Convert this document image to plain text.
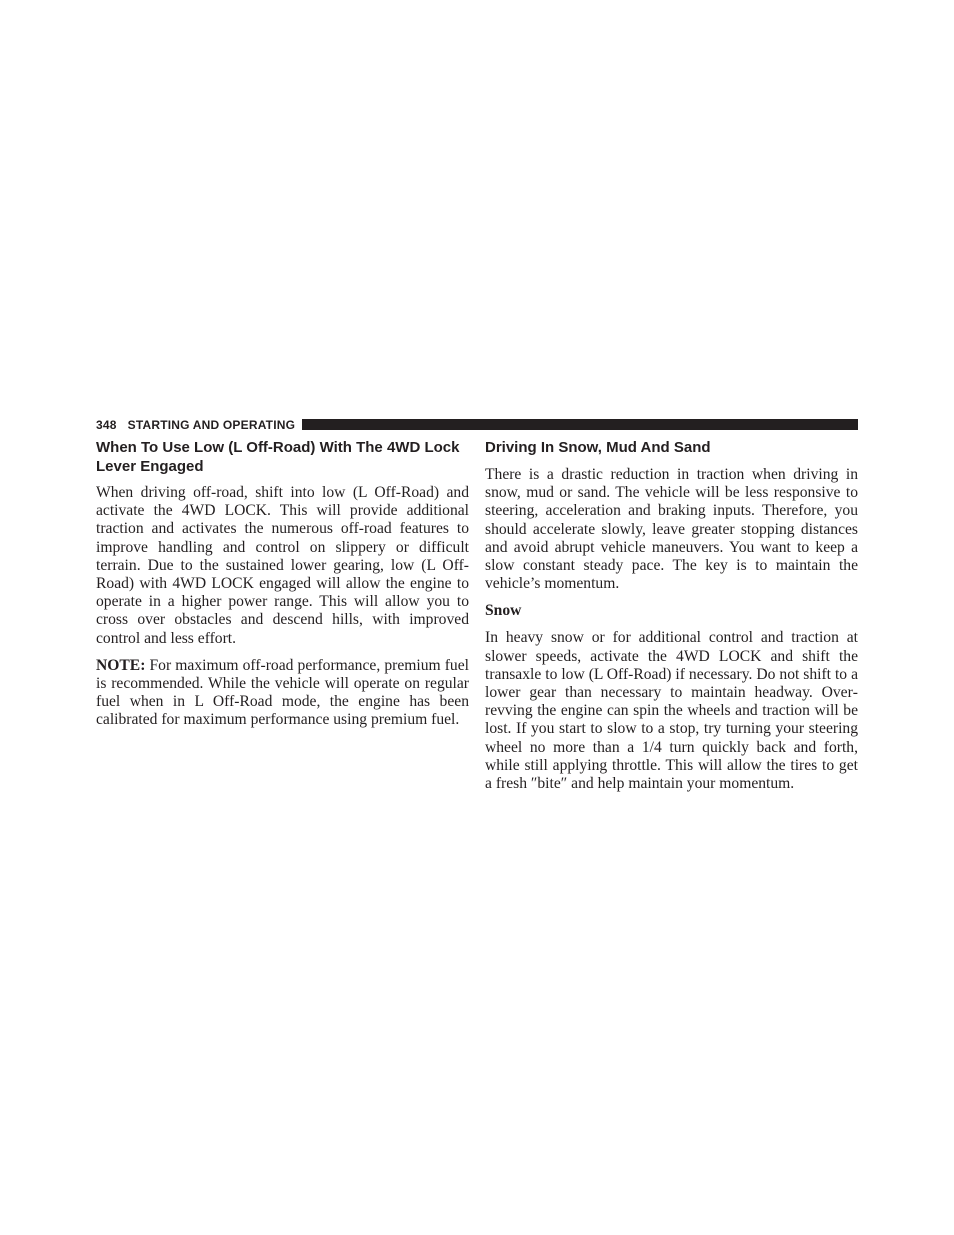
348 STARTING AND OPERATING
When To Use Low (L Off-Road) With The 4WD Lock Lever Engaged

When driving off-road, shift into low (L Off-Road) and activate the 4WD LOCK. This will provide additional traction and activates the numerous off-road features to improve handling and control on slippery or difficult terrain. Due to the sustained lower gearing, low (L Off-Road) with 4WD LOCK engaged will allow the engine to operate in a higher power range. This will allow you to cross over obstacles and descend hills, with improved control and less effort.

NOTE: For maximum off-road performance, premium fuel is recommended. While the vehicle will operate on regular fuel when in L Off-Road mode, the engine has been calibrated for maximum performance using premium fuel.

Driving In Snow, Mud And Sand

There is a drastic reduction in traction when driving in snow, mud or sand. The vehicle will be less responsive to steering, acceleration and braking inputs. Therefore, you should accelerate slowly, leave greater stopping distances and avoid abrupt vehicle maneuvers. You want to keep a slow constant steady pace. The key is to maintain the vehicle’s momentum.

Snow

In heavy snow or for additional control and traction at slower speeds, activate the 4WD LOCK and shift the transaxle to low (L Off-Road) if necessary. Do not shift to a lower gear than necessary to maintain headway. Overrevving the engine can spin the wheels and traction will be lost. If you start to slow to a stop, try turning your steering wheel no more than a 1/4 turn quickly back and forth, while still applying throttle. This will allow the tires to get a fresh ″bite″ and help maintain your momentum.
